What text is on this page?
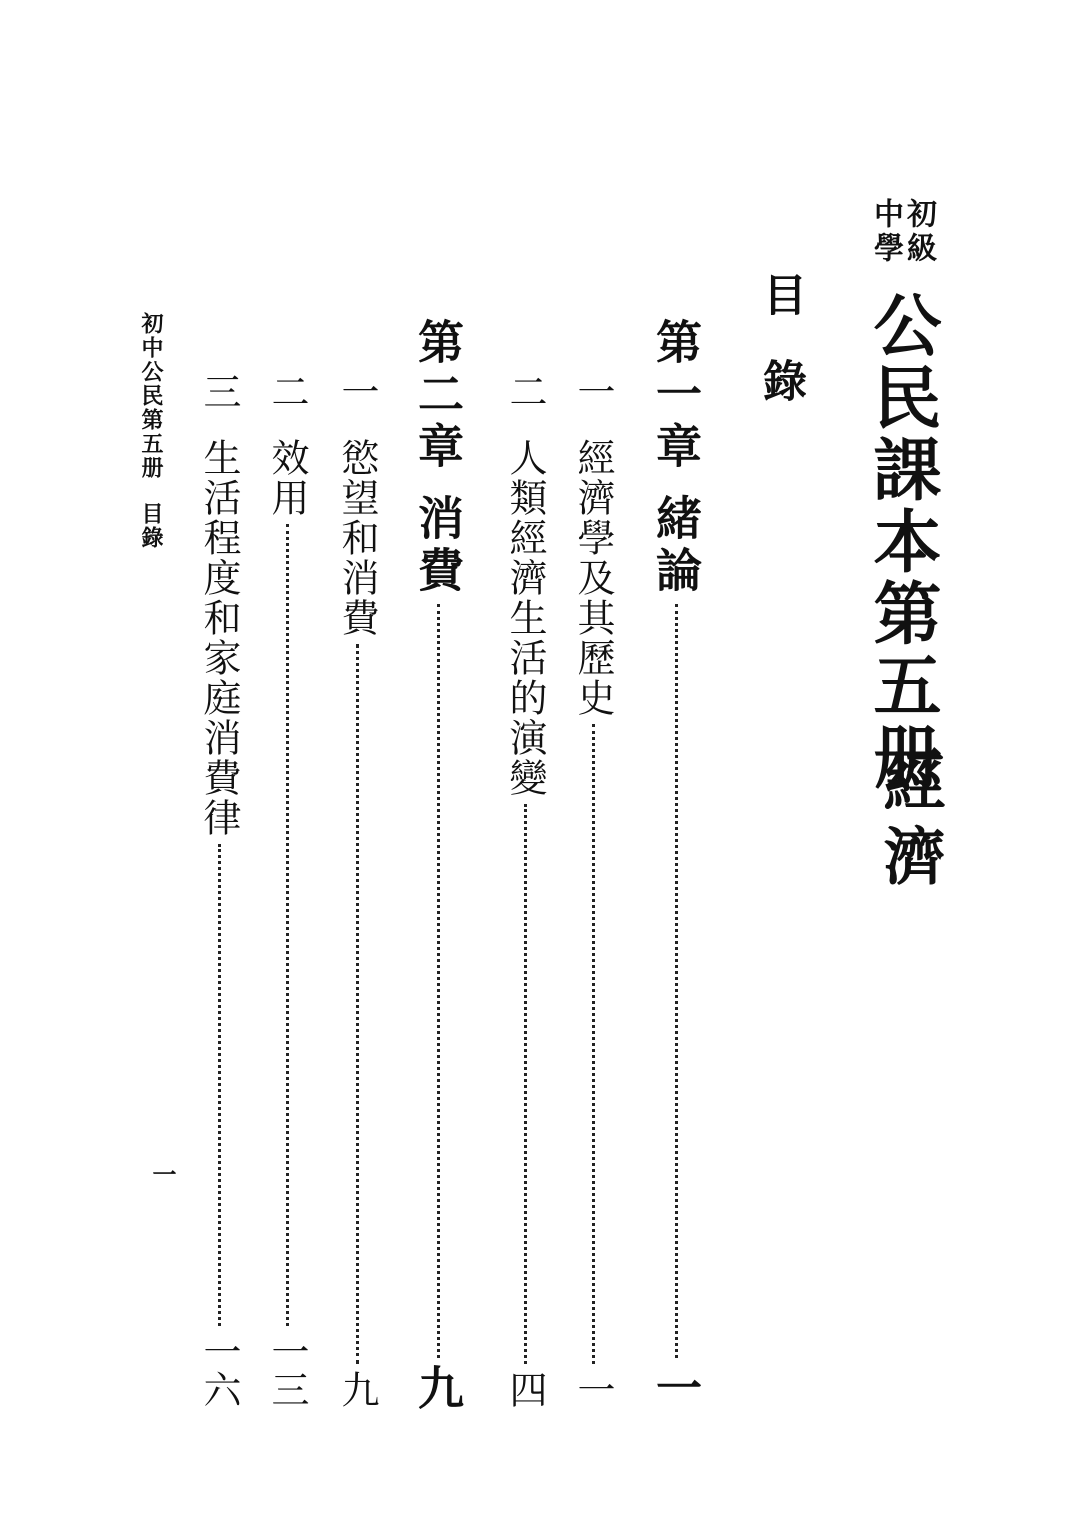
初級
中學
公民課本第五册
經濟
目錄
第一章
緒論
一
一
經濟學及其歷史
一
二
人類經濟生活的演變
四
第二章
消費
九
一
慾望和消費
九
二
效用
一三
三
生活程度和家庭消費律
一六
初中公民第五册目錄
一
